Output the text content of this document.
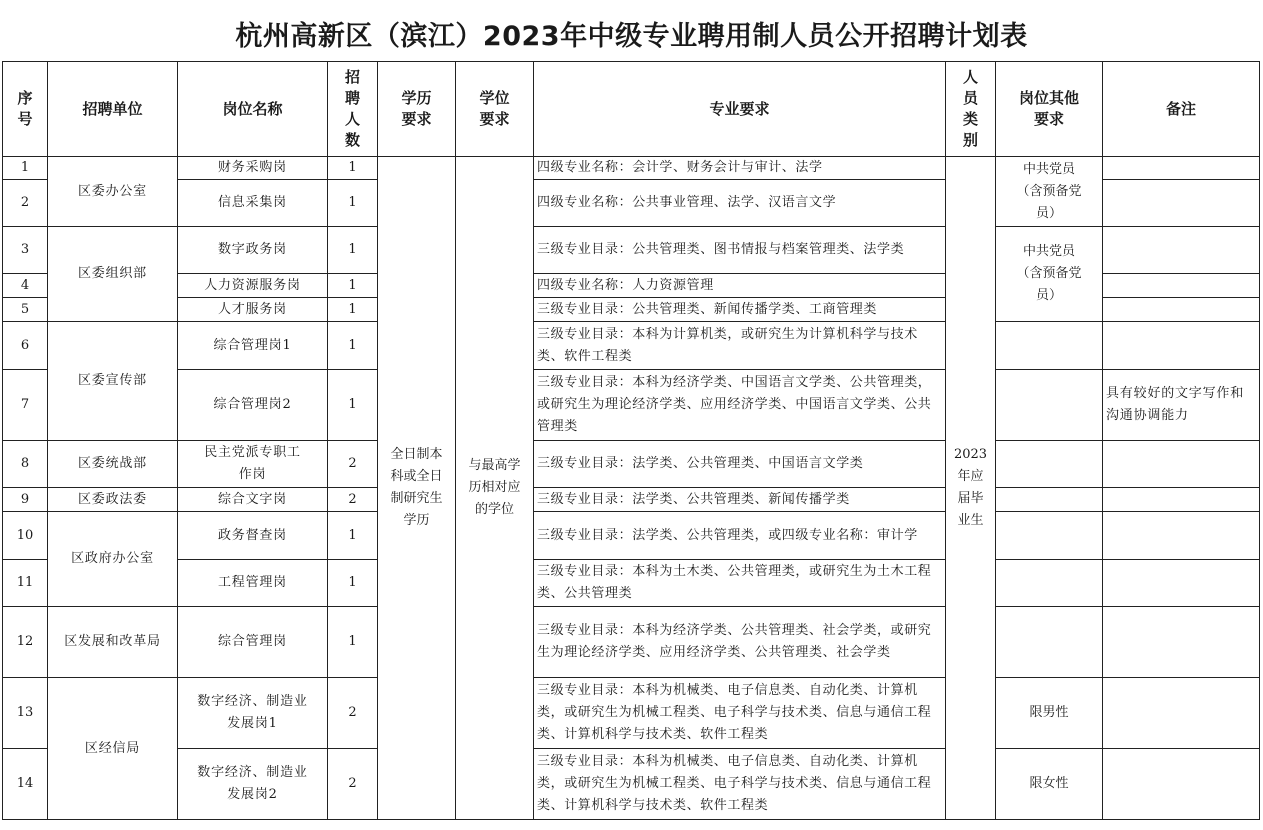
杭州高新区（滨江）2023年中级专业聘用制人员公开招聘计划表
序号	招聘单位	岗位名称	招聘人数	学历要求	学位要求	专业要求	人员类别	岗位其他要求	备注
1	区委办公室	财务采购岗	1	全日制本科或全日制研究生学历	与最高学历相对应的学位	四级专业名称：会计学、财务会计与审计、法学	2023年应届毕业生	中共党员（含预备党员）	
2		信息采集岗	1			四级专业名称：公共事业管理、法学、汉语言文学			
3	区委组织部	数字政务岗	1			三级专业目录：公共管理类、图书情报与档案管理类、法学类		中共党员（含预备党员）	
4		人力资源服务岗	1			四级专业名称：人力资源管理			
5		人才服务岗	1			三级专业目录：公共管理类、新闻传播学类、工商管理类			
6	区委宣传部	综合管理岗1	1			三级专业目录：本科为计算机类，或研究生为计算机科学与技术类、软件工程类			
7		综合管理岗2	1			三级专业目录：本科为经济学类、中国语言文学类、公共管理类，或研究生为理论经济学类、应用经济学类、中国语言文学类、公共管理类			具有较好的文字写作和沟通协调能力

8	区委统战部	民主党派专职工作岗	2			三级专业目录：法学类、公共管理类、中国语言文学类			
9	区委政法委	综合文字岗	2			三级专业目录：法学类、公共管理类、新闻传播学类			
10	区政府办公室	政务督查岗	1			三级专业目录：法学类、公共管理类，或四级专业名称：审计学			
11		工程管理岗	1			三级专业目录：本科为土木类、公共管理类，或研究生为土木工程类、公共管理类			
12	区发展和改革局	综合管理岗	1			三级专业目录：本科为经济学类、公共管理类、社会学类，或研究生为理论经济学类、应用经济学类、公共管理类、社会学类			
13	区经信局	数字经济、制造业发展岗1	2			三级专业目录：本科为机械类、电子信息类、自动化类、计算机类，或研究生为机械工程类、电子科学与技术类、信息与通信工程类、计算机科学与技术类、软件工程类		限男性	
14		数字经济、制造业发展岗2	2			三级专业目录：本科为机械类、电子信息类、自动化类、计算机类，或研究生为机械工程类、电子科学与技术类、信息与通信工程类、计算机科学与技术类、软件工程类		限女性	
